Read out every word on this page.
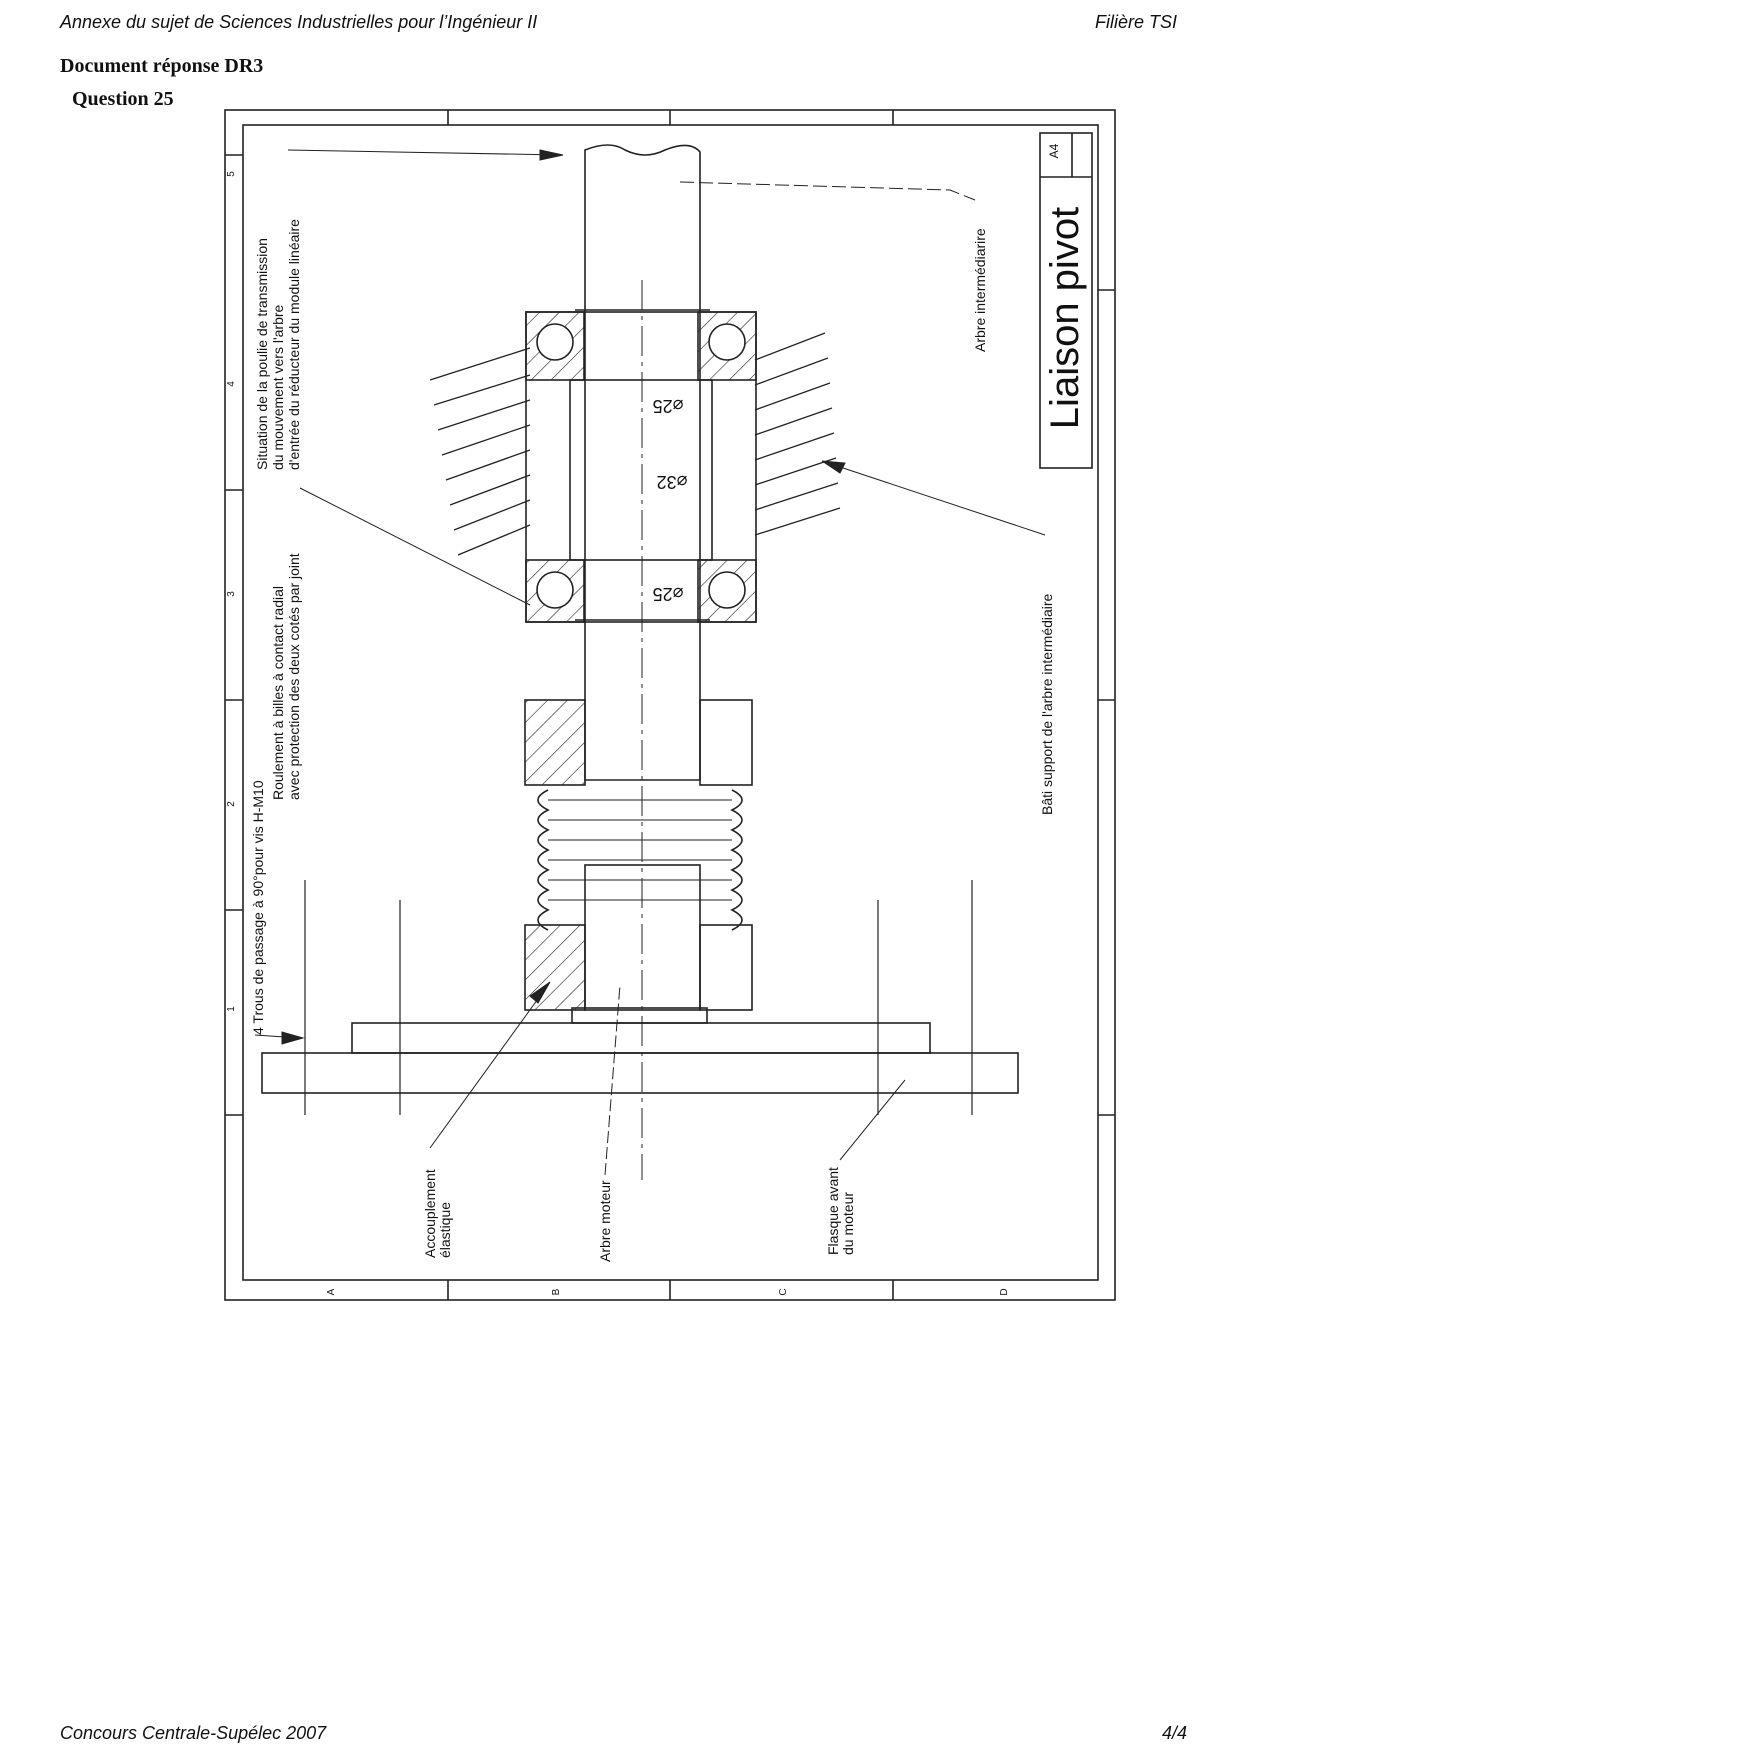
Annexe du sujet de Sciences Industrielles pour l’Ingénieur II	Filière TSI
Document réponse DR3
Question 25
A	B	C	D
5
4
3
2
1
A4
Liaison pivot
⌀25
⌀32
⌀25
Situation de la poulie de transmission du mouvement vers l'arbre d'entrée du réducteur du module linéaire
Roulement à billes à contact radial avec protection des deux cotés par joint
4 Trous de passage à 90°pour vis H-M10
Arbre intermédiarire
Bâti support de l'arbre intermédiaire
Accouplement élastique	Arbre moteur	Flasque avant du moteur
Concours Centrale-Supélec 2007	4/4
